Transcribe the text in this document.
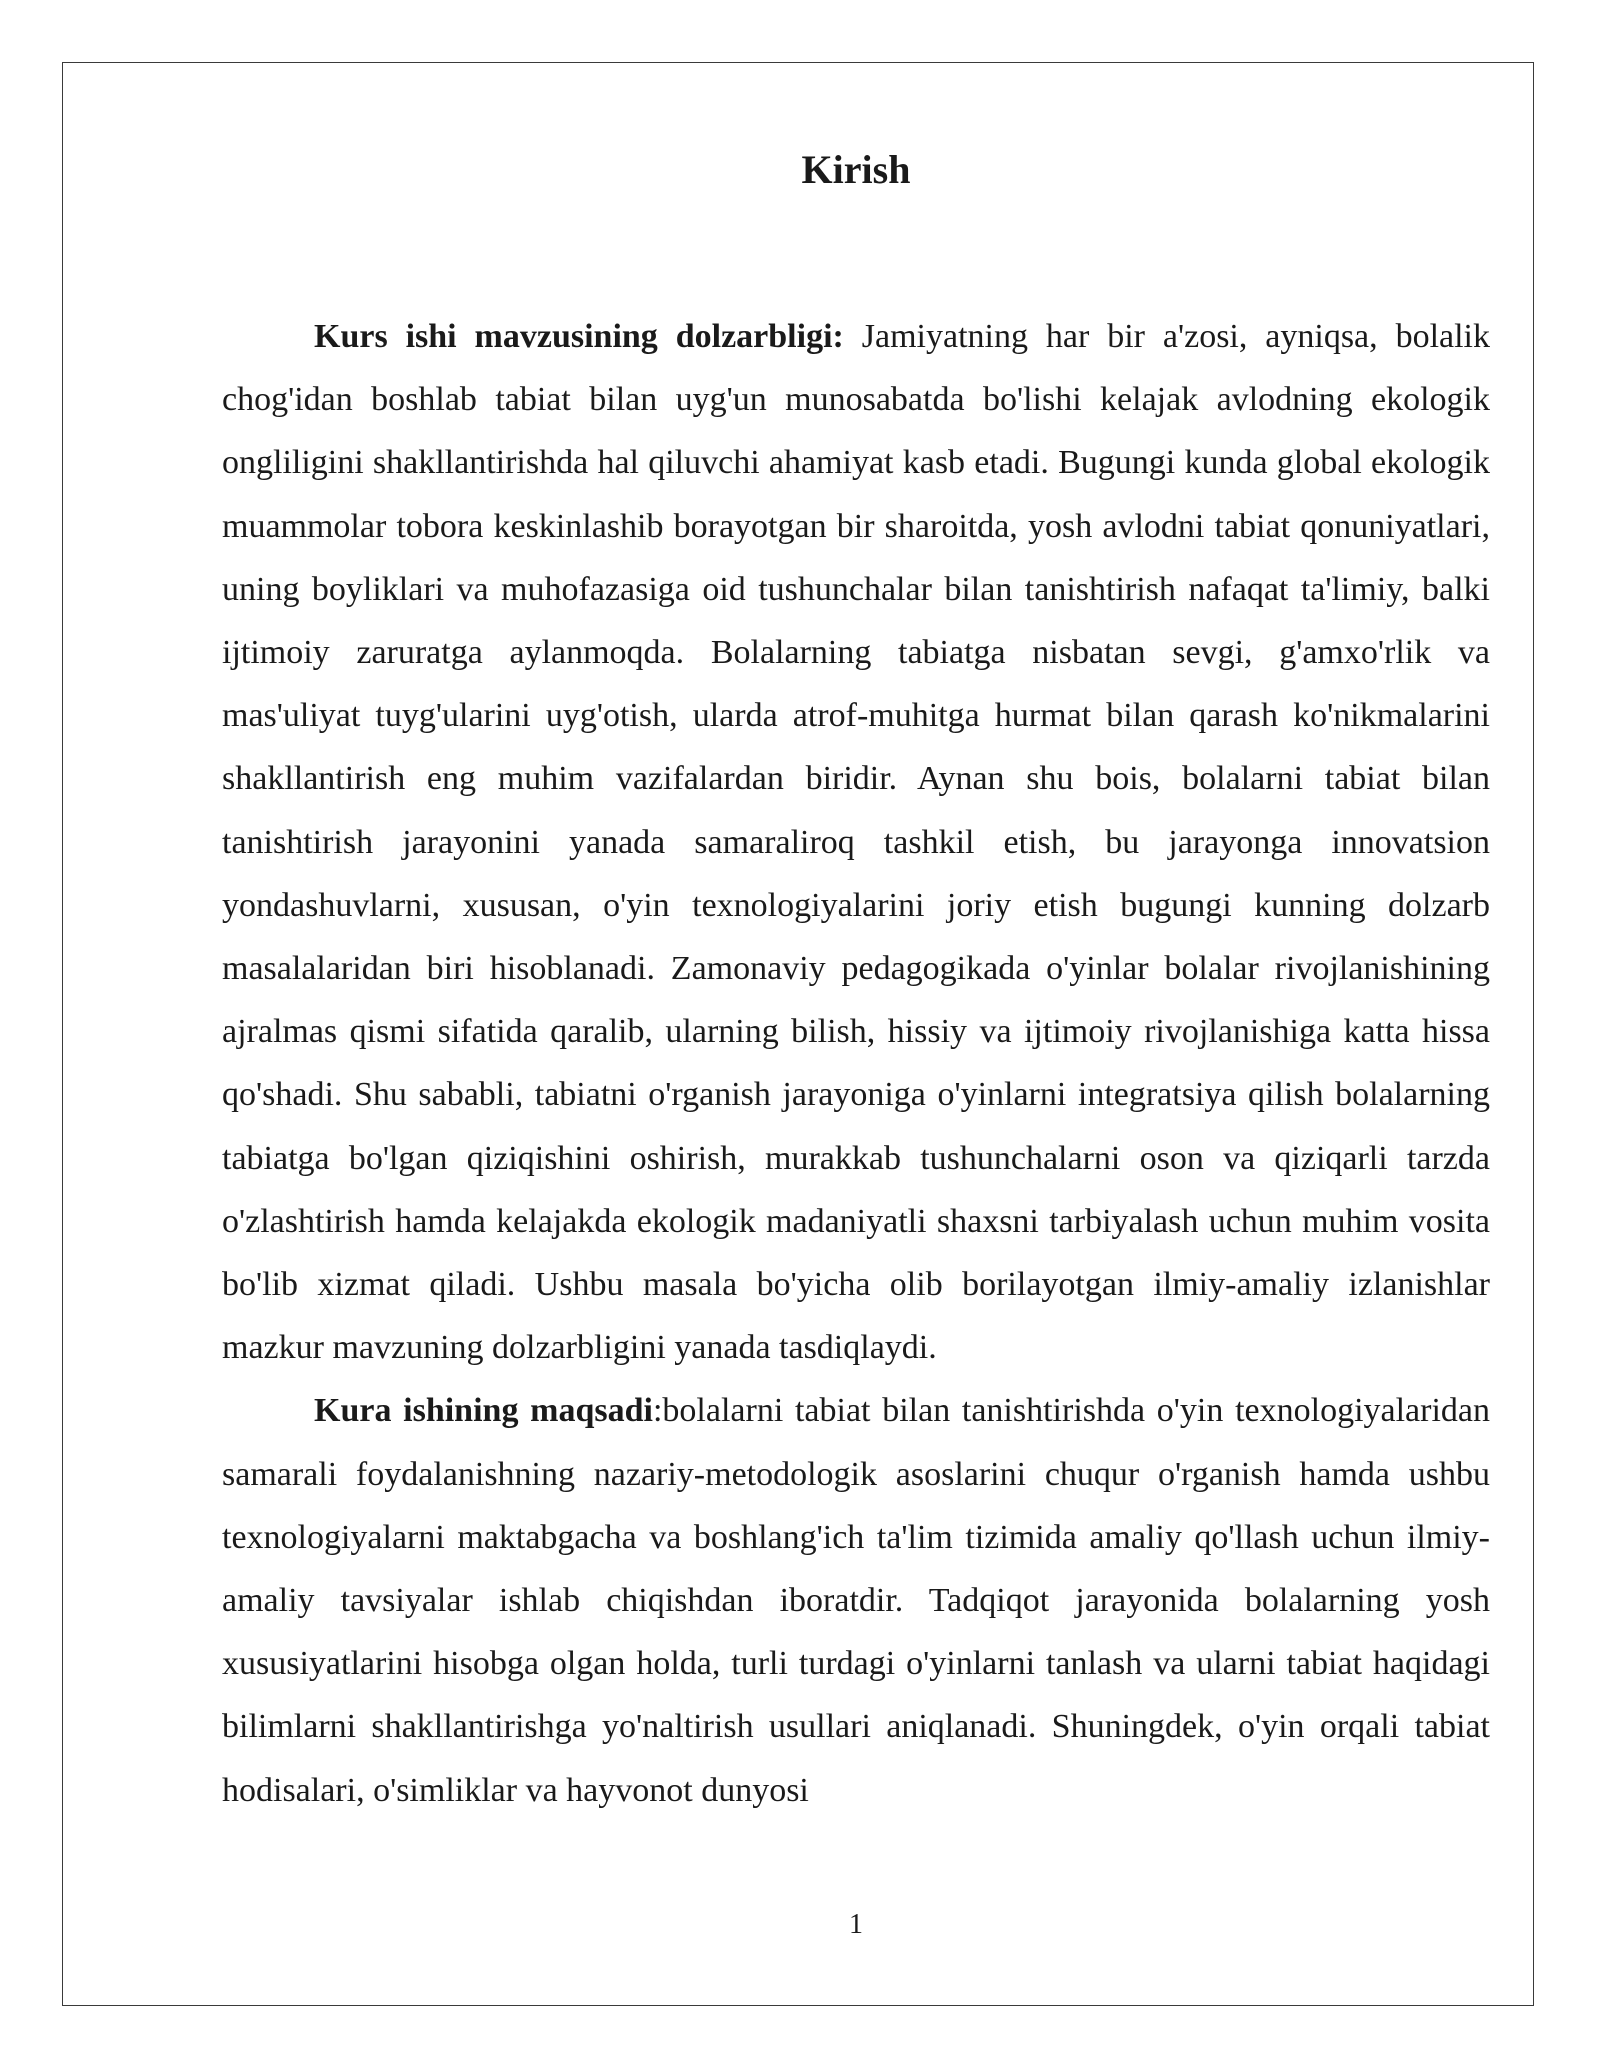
Kirish

Kurs ishi mavzusining dolzarbligi: Jamiyatning har bir a'zosi, ayniqsa, bolalik chog'idan boshlab tabiat bilan uyg'un munosabatda bo'lishi kelajak avlodning ekologik ongliligini shakllantirishda hal qiluvchi ahamiyat kasb etadi. Bugungi kunda global ekologik muammolar tobora keskinlashib borayotgan bir sharoitda, yosh avlodni tabiat qonuniyatlari, uning boyliklari va muhofazasiga oid tushunchalar bilan tanishtirish nafaqat ta'limiy, balki ijtimoiy zaruratga aylanmoqda. Bolalarning tabiatga nisbatan sevgi, g'amxo'rlik va mas'uliyat tuyg'ularini uyg'otish, ularda atrof-muhitga hurmat bilan qarash ko'nikmalarini shakllantirish eng muhim vazifalardan biridir. Aynan shu bois, bolalarni tabiat bilan tanishtirish jarayonini yanada samaraliroq tashkil etish, bu jarayonga innovatsion yondashuvlarni, xususan, o'yin texnologiyalarini joriy etish bugungi kunning dolzarb masalalaridan biri hisoblanadi. Zamonaviy pedagogikada o'yinlar bolalar rivojlanishining ajralmas qismi sifatida qaralib, ularning bilish, hissiy va ijtimoiy rivojlanishiga katta hissa qo'shadi. Shu sababli, tabiatni o'rganish jarayoniga o'yinlarni integratsiya qilish bolalarning tabiatga bo'lgan qiziqishini oshirish, murakkab tushunchalarni oson va qiziqarli tarzda o'zlashtirish hamda kelajakda ekologik madaniyatli shaxsni tarbiyalash uchun muhim vosita bo'lib xizmat qiladi. Ushbu masala bo'yicha olib borilayotgan ilmiy-amaliy izlanishlar mazkur mavzuning dolzarbligini yanada tasdiqlaydi.

Kura ishining maqsadi:bolalarni tabiat bilan tanishtirishda o'yin texnologiyalaridan samarali foydalanishning nazariy-metodologik asoslarini chuqur o'rganish hamda ushbu texnologiyalarni maktabgacha va boshlang'ich ta'lim tizimida amaliy qo'llash uchun ilmiy-amaliy tavsiyalar ishlab chiqishdan iboratdir. Tadqiqot jarayonida bolalarning yosh xususiyatlarini hisobga olgan holda, turli turdagi o'yinlarni tanlash va ularni tabiat haqidagi bilimlarni shakllantirishga yo'naltirish usullari aniqlanadi. Shuningdek, o'yin orqali tabiat hodisalari, o'simliklar va hayvonot dunyosi

1
